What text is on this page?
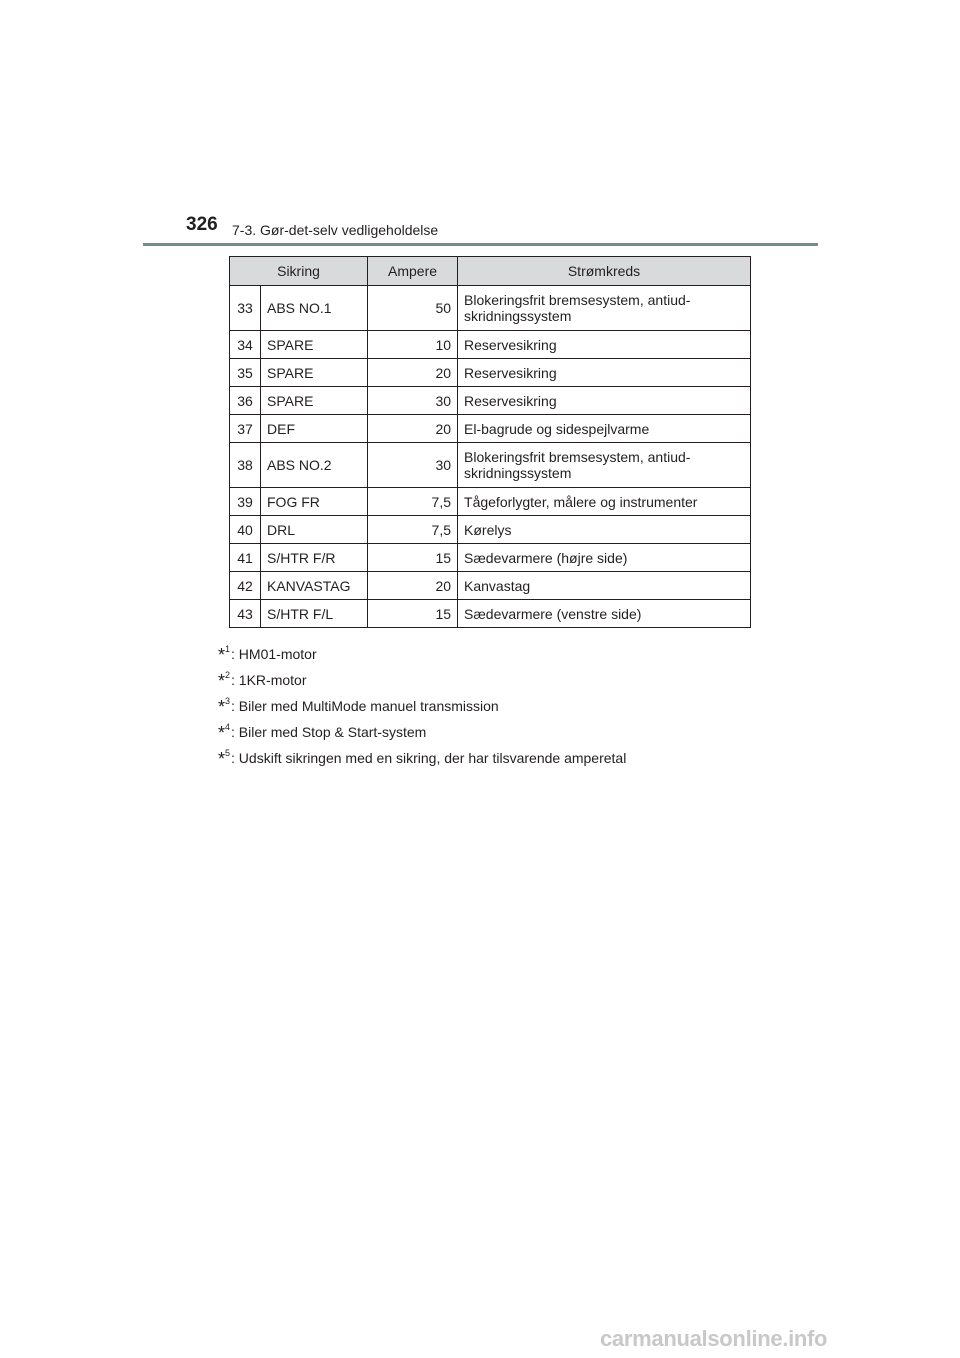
326 7-3. Gør-det-selv vedligeholdelse
Sikring		Ampere	Strømkreds
33	ABS NO.1	50	Blokeringsfrit bremsesystem, antiud-
skridningssystem
34	SPARE	10	Reservesikring
35	SPARE	20	Reservesikring
36	SPARE	30	Reservesikring
37	DEF	20	El-bagrude og sidespejlvarme
38	ABS NO.2	30	Blokeringsfrit bremsesystem, antiud-
skridningssystem
39	FOG FR	7,5	Tågeforlygter, målere og instrumenter
40	DRL	7,5	Kørelys
41	S/HTR F/R	15	Sædevarmere (højre side)
42	KANVASTAG	20	Kanvastag
43	S/HTR F/L	15	Sædevarmere (venstre side)
*$^1$ : HM01-motor
*$^2$ : 1KR-motor
*$^3$ : Biler med MultiMode manuel transmission
*$^4$ : Biler med Stop & Start-system
*$^5$ : Udskift sikringen med en sikring, der har tilsvarende amperetal
carmanualsonline.info
